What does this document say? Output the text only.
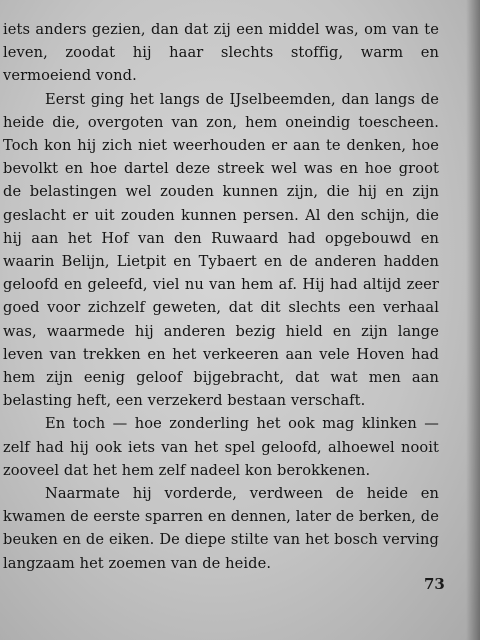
iets anders gezien, dan dat zij een middel was, om van te leven, zoodat hij haar slechts stoffig, warm en vermoeiend vond.

Eerst ging het langs de IJselbeemden, dan langs de heide die, overgoten van zon, hem oneindig toescheen. Toch kon hij zich niet weerhouden er aan te denken, hoe bevolkt en hoe dartel deze streek wel was en hoe groot de belastingen wel zouden kunnen zijn, die hij en zijn geslacht er uit zouden kunnen persen. Al den schijn, die hij aan het Hof van den Ruwaard had opgebouwd en waarin Belijn, Lietpit en Tybaert en de anderen hadden geloofd en geleefd, viel nu van hem af. Hij had altijd zeer goed voor zichzelf geweten, dat dit slechts een verhaal was, waarmede hij anderen bezig hield en zijn lange leven van trekken en het verkeeren aan vele Hoven had hem zijn eenig geloof bijgebracht, dat wat men aan belasting heft, een verzekerd bestaan verschaft.

En toch — hoe zonderling het ook mag klinken — zelf had hij ook iets van het spel geloofd, alhoewel nooit zooveel dat het hem zelf nadeel kon berokkenen.

Naarmate hij vorderde, verdween de heide en kwamen de eerste sparren en dennen, later de berken, de beuken en de eiken. De diepe stilte van het bosch verving langzaam het zoemen van de heide.

73
